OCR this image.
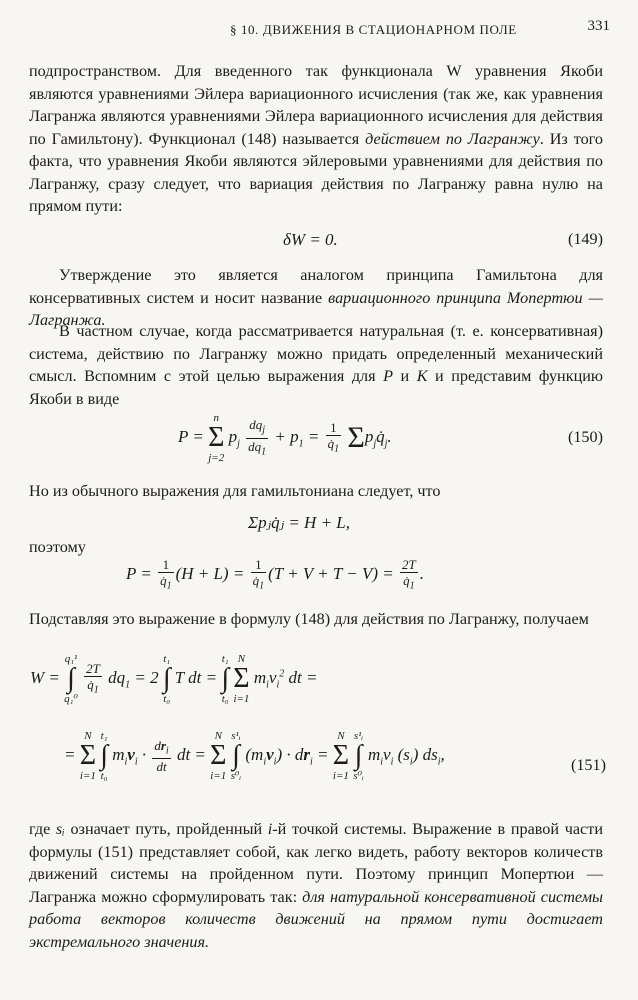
§ 10. ДВИЖЕНИЯ В СТАЦИОНАРНОМ ПОЛЕ	331

подпространством. Для введенного так функционала W уравнения Якоби являются уравнениями Эйлера вариационного исчисления (так же, как уравнения Лагранжа являются уравнениями Эйлера вариационного исчисления для действия по Гамильтону). Функционал (148) называется действием по Лагранжу. Из того факта, что уравнения Якоби являются эйлеровыми уравнениями для действия по Лагранжу, сразу следует, что вариация действия по Лагранжу равна нулю на прямом пути:

δW = 0.	(149)

Утверждение это является аналогом принципа Гамильтона для консервативных систем и носит название вариационного принципа Мопертюи — Лагранжа.

В частном случае, когда рассматривается натуральная (т. е. консервативная) система, действию по Лагранжу можно придать определенный механический смысл. Вспомним с этой целью выражения для P и K и представим функцию Якоби в виде

P = n
Σ
j=2 $p_j \frac{dq_j}{dq_1} + p_1 = \frac{1}{q̇_1}$ $\Sigma p_jq̇_j$.	(150)

Но из обычного выражения для гамильтониана следует, что

Σpⱼq̇ⱼ = H + L,

поэтому

$P = \frac{1}{q̇_1} (H + L) = \frac{1}{q̇_1} (T + V + T - V) = \frac{2T}{q̇_1}$ .

Подставляя это выражение в формулу (148) для действия по Лагранжу, получаем

W = q₁¹
∫
q₁⁰
$\frac{2T}{q̇_1} dq_1 = 2$ t₁
∫
t₀ T dt = t₁
∫
t₀ N
Σ
i=1 $m_iv_i^2$ dt =
= N
Σ
i=1 t₁
∫
t₀ $m_iv_i \cdot \frac{dr_i}{dt}$ dt = N
Σ
i=1 s¹ᵢ
∫
s⁰ᵢ $(m_iv_i) \cdot dr_i = N$
Σ
i=1 s¹ᵢ
∫
s⁰ᵢ $m_iv_i$ $(s_i)$ $ds_i$,
(151)

где sᵢ означает путь, пройденный i-й точкой системы. Выражение в правой части формулы (151) представляет собой, как легко видеть, работу векторов количеств движений системы на пройденном пути. Поэтому принцип Мопертюи — Лагранжа можно сформулировать так: для натуральной консервативной системы работа векторов количеств движений на прямом пути достигает экстремального значения.
